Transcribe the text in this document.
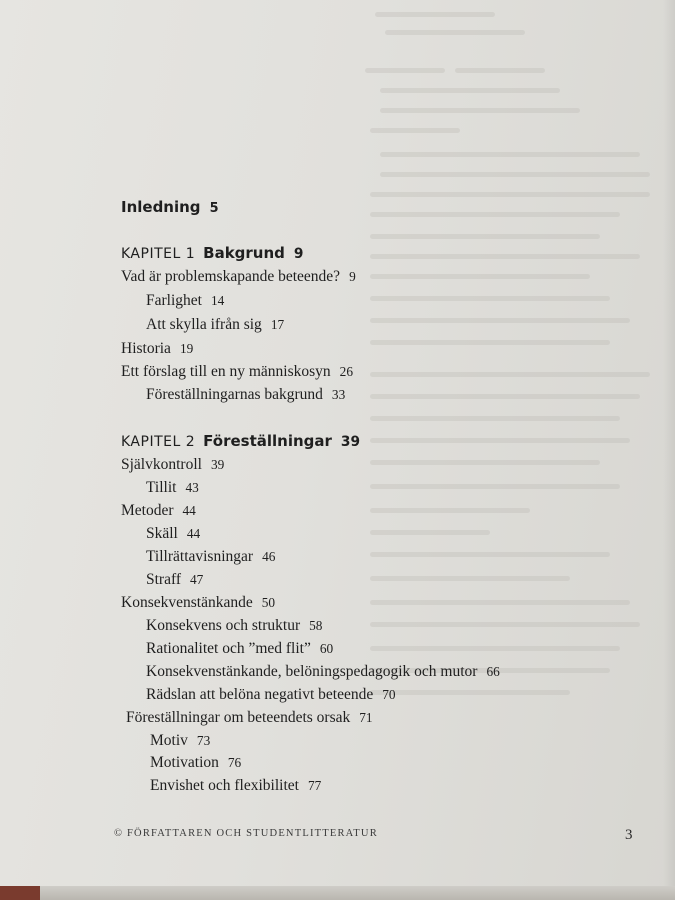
Inledning 5
KAPITEL 1 Bakgrund 9
Vad är problemskapande beteende? 9
Farlighet 14
Att skylla ifrån sig 17
Historia 19
Ett förslag till en ny människosyn 26
Föreställningarnas bakgrund 33
KAPITEL 2 Föreställningar 39
Självkontroll 39
Tillit 43
Metoder 44
Skäll 44
Tillrättavisningar 46
Straff 47
Konsekvenstänkande 50
Konsekvens och struktur 58
Rationalitet och ”med flit” 60
Konsekvenstänkande, belöningspedagogik och mutor 66
Rädslan att belöna negativt beteende 70
Föreställningar om beteendets orsak 71
Motiv 73
Motivation 76
Envishet och flexibilitet 77
© FÖRFATTAREN OCH STUDENTLITTERATUR	3
